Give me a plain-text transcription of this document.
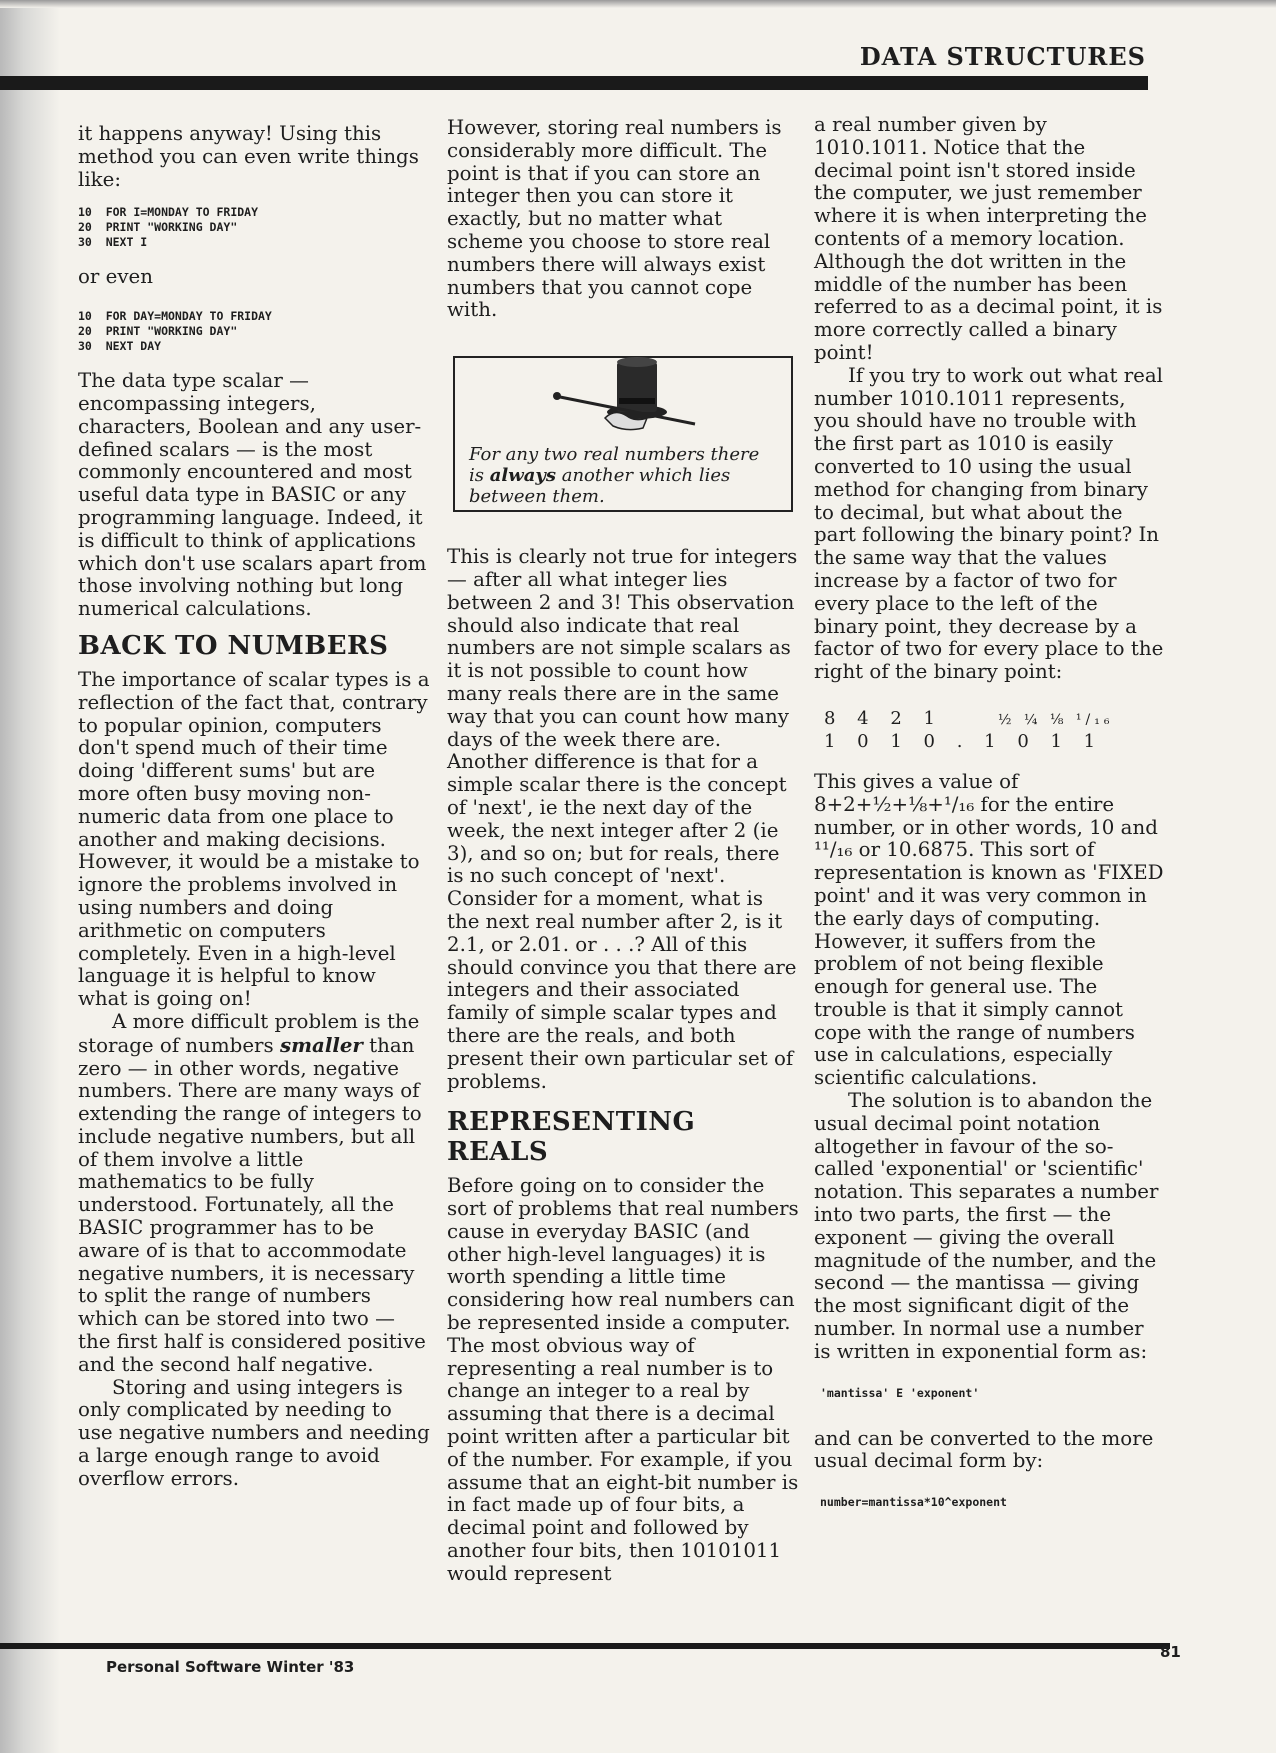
DATA STRUCTURES

it happens anyway! Using this method you can even write things like:

10  FOR I=MONDAY TO FRIDAY
20  PRINT "WORKING DAY"
30  NEXT I

or even

10  FOR DAY=MONDAY TO FRIDAY
20  PRINT "WORKING DAY"
30  NEXT DAY

The data type scalar — encompassing integers, characters, Boolean and any user-defined scalars — is the most commonly encountered and most useful data type in BASIC or any programming language. Indeed, it is difficult to think of applications which don't use scalars apart from those involving nothing but long numerical calculations.

BACK TO NUMBERS

The importance of scalar types is a reflection of the fact that, contrary to popular opinion, computers don't spend much of their time doing 'different sums' but are more often busy moving non-numeric data from one place to another and making decisions. However, it would be a mistake to ignore the problems involved in using numbers and doing arithmetic on computers completely. Even in a high-level language it is helpful to know what is going on!

A more difficult problem is the storage of numbers smaller than zero — in other words, negative numbers. There are many ways of extending the range of integers to include negative numbers, but all of them involve a little mathematics to be fully understood. Fortunately, all the BASIC programmer has to be aware of is that to accommodate negative numbers, it is necessary to split the range of numbers which can be stored into two — the first half is considered positive and the second half negative.

Storing and using integers is only complicated by needing to use negative numbers and needing a large enough range to avoid overflow errors.

However, storing real numbers is considerably more difficult. The point is that if you can store an integer then you can store it exactly, but no matter what scheme you choose to store real numbers there will always exist numbers that you cannot cope with.

For any two real numbers there is always another which lies between them.

This is clearly not true for integers — after all what integer lies between 2 and 3! This observation should also indicate that real numbers are not simple scalars as it is not possible to count how many reals there are in the same way that you can count how many days of the week there are. Another difference is that for a simple scalar there is the concept of 'next', ie the next day of the week, the next integer after 2 (ie 3), and so on; but for reals, there is no such concept of 'next'. Consider for a moment, what is the next real number after 2, is it 2.1, or 2.01. or . . .? All of this should convince you that there are integers and their associated family of simple scalar types and there are the reals, and both present their own particular set of problems.

REPRESENTING REALS

Before going on to consider the sort of problems that real numbers cause in everyday BASIC (and other high-level languages) it is worth spending a little time considering how real numbers can be represented inside a computer. The most obvious way of representing a real number is to change an integer to a real by assuming that there is a decimal point written after a particular bit of the number. For example, if you assume that an eight-bit number is in fact made up of four bits, a decimal point and followed by another four bits, then 10101011 would represent

a real number given by 1010.1011. Notice that the decimal point isn't stored inside the computer, we just remember where it is when interpreting the contents of a memory location. Although the dot written in the middle of the number has been referred to as a decimal point, it is more correctly called a binary point!

If you try to work out what real number 1010.1011 represents, you should have no trouble with the first part as 1010 is easily converted to 10 using the usual method for changing from binary to decimal, but what about the part following the binary point? In the same way that the values increase by a factor of two for every place to the left of the binary point, they decrease by a factor of two for every place to the right of the binary point:

8 4 2 1	½ ¼ ⅛ ¹/₁₆
1 0 1 0 . 1 0 1 1

This gives a value of 8+2+½+⅛+¹/₁₆ for the entire number, or in other words, 10 and ¹¹/₁₆ or 10.6875. This sort of representation is known as 'FIXED point' and it was very common in the early days of computing. However, it suffers from the problem of not being flexible enough for general use. The trouble is that it simply cannot cope with the range of numbers use in calculations, especially scientific calculations.

The solution is to abandon the usual decimal point notation altogether in favour of the so-called 'exponential' or 'scientific' notation. This separates a number into two parts, the first — the exponent — giving the overall magnitude of the number, and the second — the mantissa — giving the most significant digit of the number. In normal use a number is written in exponential form as:

'mantissa' E 'exponent'

and can be converted to the more usual decimal form by:

number=mantissa*10^exponent
Personal Software Winter '83
81
